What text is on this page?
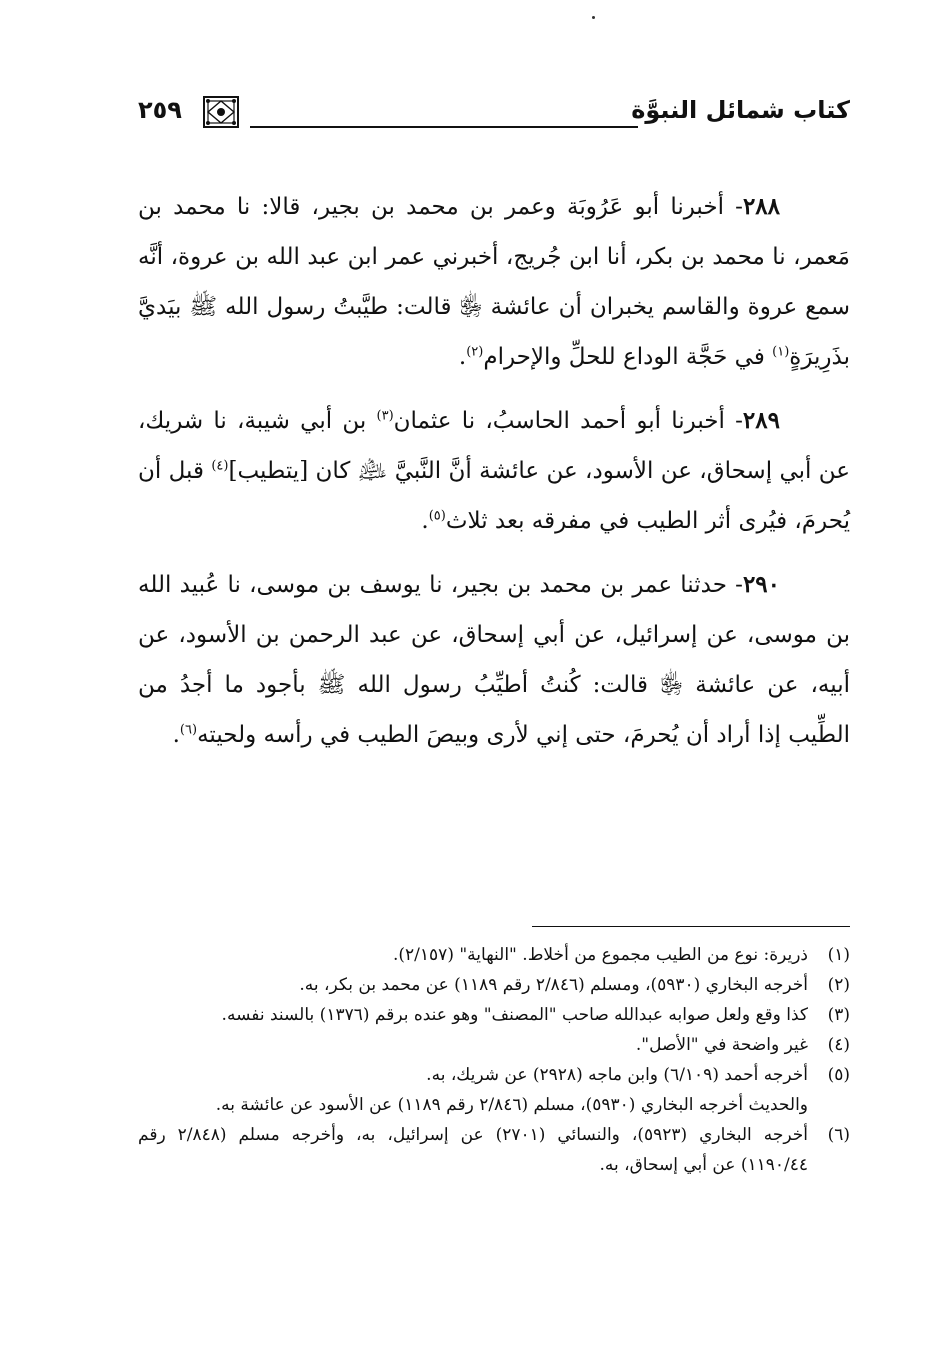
كتاب شمائل النبوَّة
٢٥٩

٢٨٨- أخبرنا أبو عَرُوبَة وعمر بن محمد بن بجير، قالا: نا محمد بن مَعمر، نا محمد بن بكر، أنا ابن جُريج، أخبرني عمر ابن عبد الله بن عروة، أنَّه سمع عروة والقاسم يخبران أن عائشة ﵂ قالت: طيَّبتُ رسول الله ﷺ بيَديَّ بذَرِيرَةٍ$^{(١)}$ في حَجَّة الوداع للحلِّ والإحرام$^{(٢)}$.

٢٨٩- أخبرنا أبو أحمد الحاسبُ، نا عثمان$^{(٣)}$ بن أبي شيبة، نا شريك، عن أبي إسحاق، عن الأسود، عن عائشة أنَّ النَّبيَّ ﵇ كان [يتطيب]$^{(٤)}$ قبل أن يُحرمَ، فيُرى أثر الطيب في مفرقه بعد ثلاث$^{(٥)}$.

٢٩٠- حدثنا عمر بن محمد بن بجير، نا يوسف بن موسى، نا عُبيد الله بن موسى، عن إسرائيل، عن أبي إسحاق، عن عبد الرحمن بن الأسود، عن أبيه، عن عائشة ﵂ قالت: كُنتُ أطيِّبُ رسول الله ﷺ بأجود ما أجدُ من الطِّيب إذا أراد أن يُحرمَ، حتى إني لأرى وبيصَ الطيب في رأسه ولحيته$^{(٦)}$.

(١)
ذريرة: نوع من الطيب مجموع من أخلاط. "النهاية" (٢/١٥٧).
(٢)
أخرجه البخاري (٥٩٣٠)، ومسلم (٢/٨٤٦ رقم ١١٨٩) عن محمد بن بكر، به.
(٣)
كذا وقع ولعل صوابه عبدالله صاحب "المصنف" وهو عنده برقم (١٣٧٦) بالسند نفسه.
(٤)
غير واضحة في "الأصل".
(٥)
أخرجه أحمد (٦/١٠٩) وابن ماجه (٢٩٢٨) عن شريك، به.
والحديث أخرجه البخاري (٥٩٣٠)، مسلم (٢/٨٤٦ رقم ١١٨٩) عن الأسود عن عائشة به.
(٦)
أخرجه البخاري (٥٩٢٣)، والنسائي (٢٧٠١) عن إسرائيل، به، وأخرجه مسلم (٢/٨٤٨ رقم ١١٩٠/٤٤) عن أبي إسحاق، به.
